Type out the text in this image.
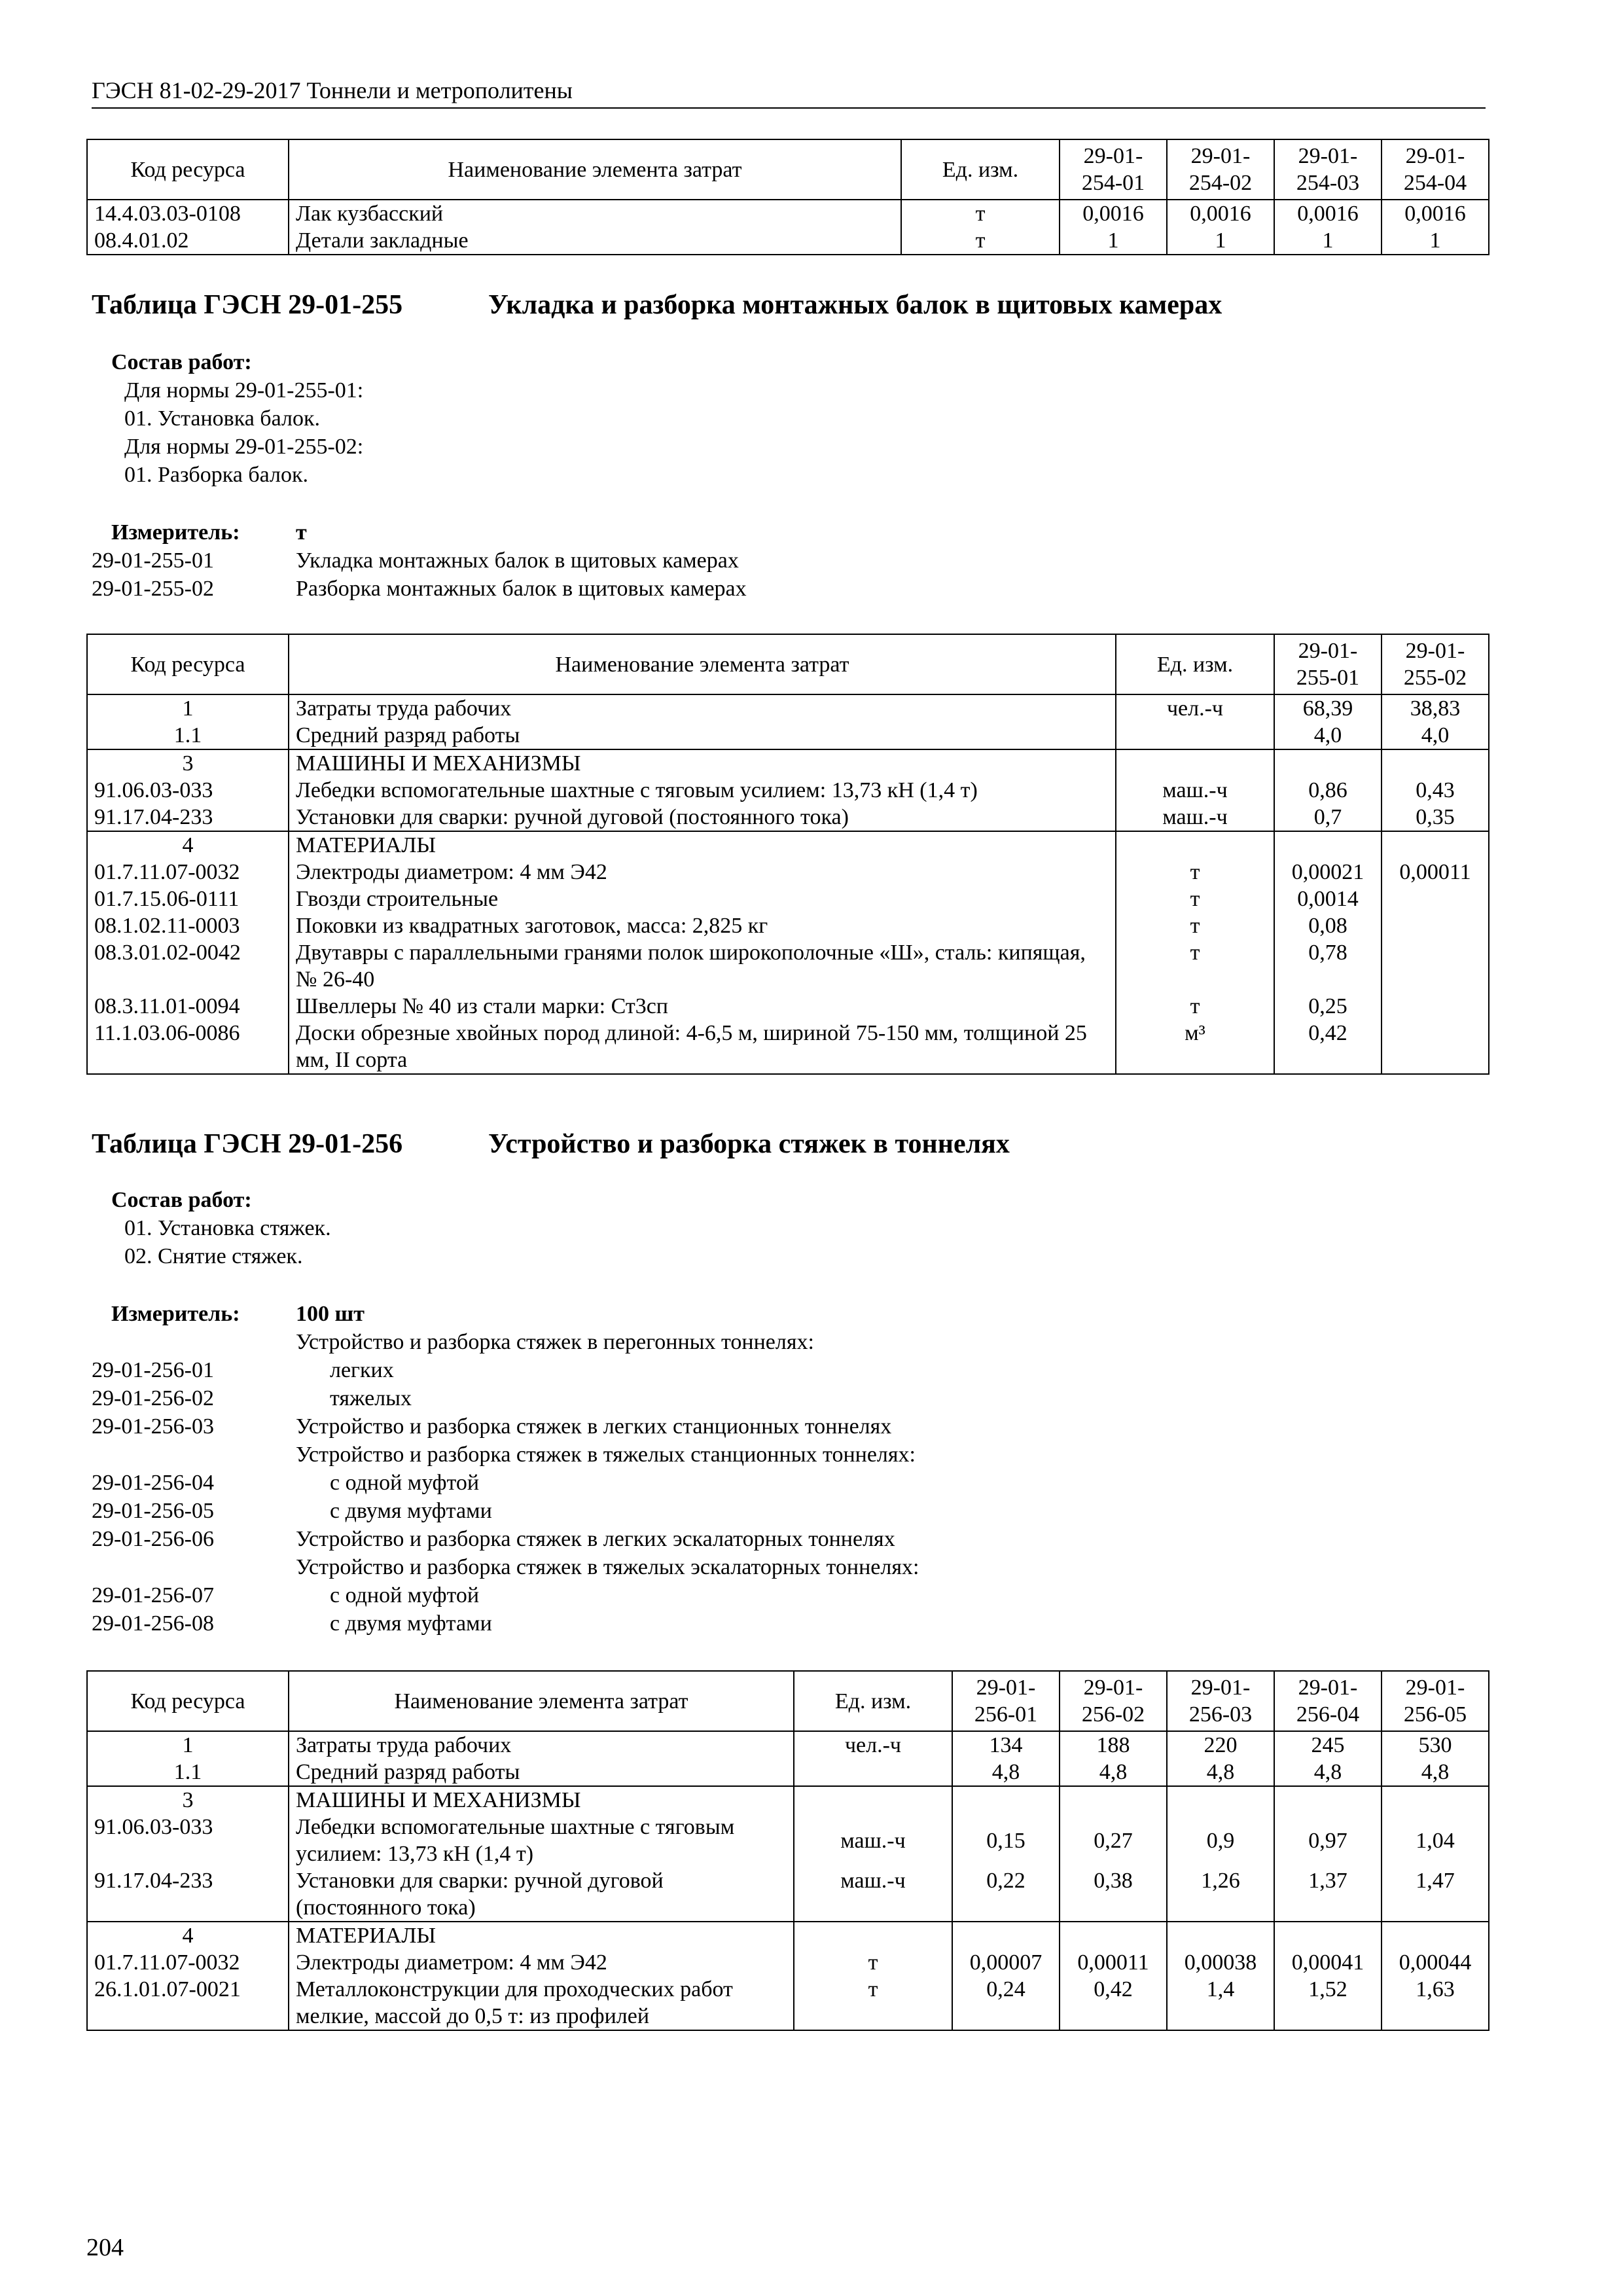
ГЭСН 81-02-29-2017 Тоннели и метрополитены
Код ресурса	Наименование элемента затрат	Ед. изм.	29-01-254-01	29-01-254-02	29-01-254-03	29-01-254-04
14.4.03.03-0108	Лак кузбасский	т	0,0016	0,0016	0,0016	0,0016
08.4.01.02	Детали закладные	т	1	1	1	1
Таблица ГЭСН 29-01-255	Укладка и разборка монтажных балок в щитовых камерах
Состав работ:
Для нормы 29-01-255-01:
01. Установка балок.
Для нормы 29-01-255-02:
01. Разборка балок.
Измеритель:	т
29-01-255-01	Укладка монтажных балок в щитовых камерах
29-01-255-02	Разборка монтажных балок в щитовых камерах
Код ресурса	Наименование элемента затрат	Ед. изм.	29-01-255-01	29-01-255-02
1	Затраты труда рабочих	чел.-ч	68,39	38,83
1.1	Средний разряд работы		4,0	4,0
3	МАШИНЫ И МЕХАНИЗМЫ			
91.06.03-033	Лебедки вспомогательные шахтные с тяговым усилием: 13,73 кН (1,4 т)	маш.-ч	0,86	0,43
91.17.04-233	Установки для сварки: ручной дуговой (постоянного тока)	маш.-ч	0,7	0,35
4	МАТЕРИАЛЫ			
01.7.11.07-0032	Электроды диаметром: 4 мм Э42	т	0,00021	0,00011
01.7.15.06-0111	Гвозди строительные	т	0,0014	
08.1.02.11-0003	Поковки из квадратных заготовок, масса: 2,825 кг	т	0,08	
08.3.01.02-0042	Двутавры с параллельными гранями полок широкополочные «Ш», сталь: кипящая, № 26-40	т	0,78	
08.3.11.01-0094	Швеллеры № 40 из стали марки: Ст3сп	т	0,25	
11.1.03.06-0086	Доски обрезные хвойных пород длиной: 4-6,5 м, шириной 75-150 мм, толщиной 25 мм, II сорта	м³	0,42	
Таблица ГЭСН 29-01-256	Устройство и разборка стяжек в тоннелях
Состав работ:
01. Установка стяжек.
02. Снятие стяжек.
Измеритель:	100 шт
Устройство и разборка стяжек в перегонных тоннелях:
29-01-256-01	легких
29-01-256-02	тяжелых
29-01-256-03	Устройство и разборка стяжек в легких станционных тоннелях
Устройство и разборка стяжек в тяжелых станционных тоннелях:
29-01-256-04	с одной муфтой
29-01-256-05	с двумя муфтами
29-01-256-06	Устройство и разборка стяжек в легких эскалаторных тоннелях
Устройство и разборка стяжек в тяжелых эскалаторных тоннелях:
29-01-256-07	с одной муфтой
29-01-256-08	с двумя муфтами
Код ресурса	Наименование элемента затрат	Ед. изм.	29-01-256-01	29-01-256-02	29-01-256-03	29-01-256-04	29-01-256-05
1	Затраты труда рабочих	чел.-ч	134	188	220	245	530
1.1	Средний разряд работы		4,8	4,8	4,8	4,8	4,8
3	МАШИНЫ И МЕХАНИЗМЫ						
91.06.03-033	Лебедки вспомогательные шахтные с тяговым усилием: 13,73 кН (1,4 т)	маш.-ч	0,15	0,27	0,9	0,97	1,04
91.17.04-233	Установки для сварки: ручной дуговой (постоянного тока)	маш.-ч	0,22	0,38	1,26	1,37	1,47
4	МАТЕРИАЛЫ						
01.7.11.07-0032	Электроды диаметром: 4 мм Э42	т	0,00007	0,00011	0,00038	0,00041	0,00044
26.1.01.07-0021	Металлоконструкции для проходческих работ мелкие, массой до 0,5 т: из профилей	т	0,24	0,42	1,4	1,52	1,63
204
